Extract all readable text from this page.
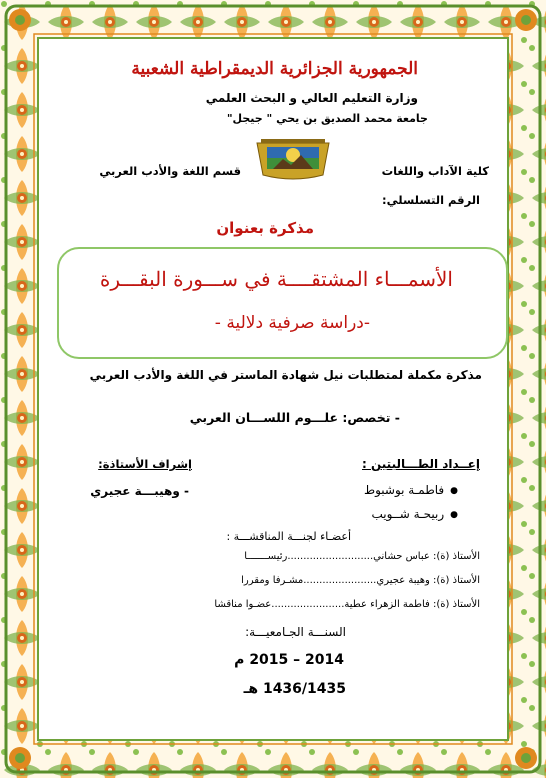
الجمهورية الجزائرية الديمقراطية الشعبية
وزارة التعليم العالي و البحث العلمي
جامعة محمد الصديق بن يحي " جيجل"
كلية الآداب واللغات
قسم اللغة والأدب العربي
الرقم التسلسلي:
مذكرة بعنوان
الأسمـــاء المشتقــــة في ســـورة البقـــرة
-دراسة صرفية دلالية -
مذكرة مكملة لمتطلبات نيل شهادة الماستر في اللغة والأدب العربي
- تخصص: علـــوم اللســـان العربي
إعــداد الطـــالبتين :
● فاطمـة بوشبوط
● ربيحـة شــويب
إشراف الأستاذة:
- وهيبـــة عجيري
أعضـاء لجنـــة المناقشـــة :
الأستاذ (ة): عباس حشاني...........................رئيســـــــا
الأستاذ (ة): وهيبة عجيري.......................مشـرفا ومقررا
الأستاذ (ة): فاطمة الزهراء عطية.......................عضـوا مناقشا
السنـــة الجـامعيـــة:
2014 – 2015 م
1436/1435 هـ
